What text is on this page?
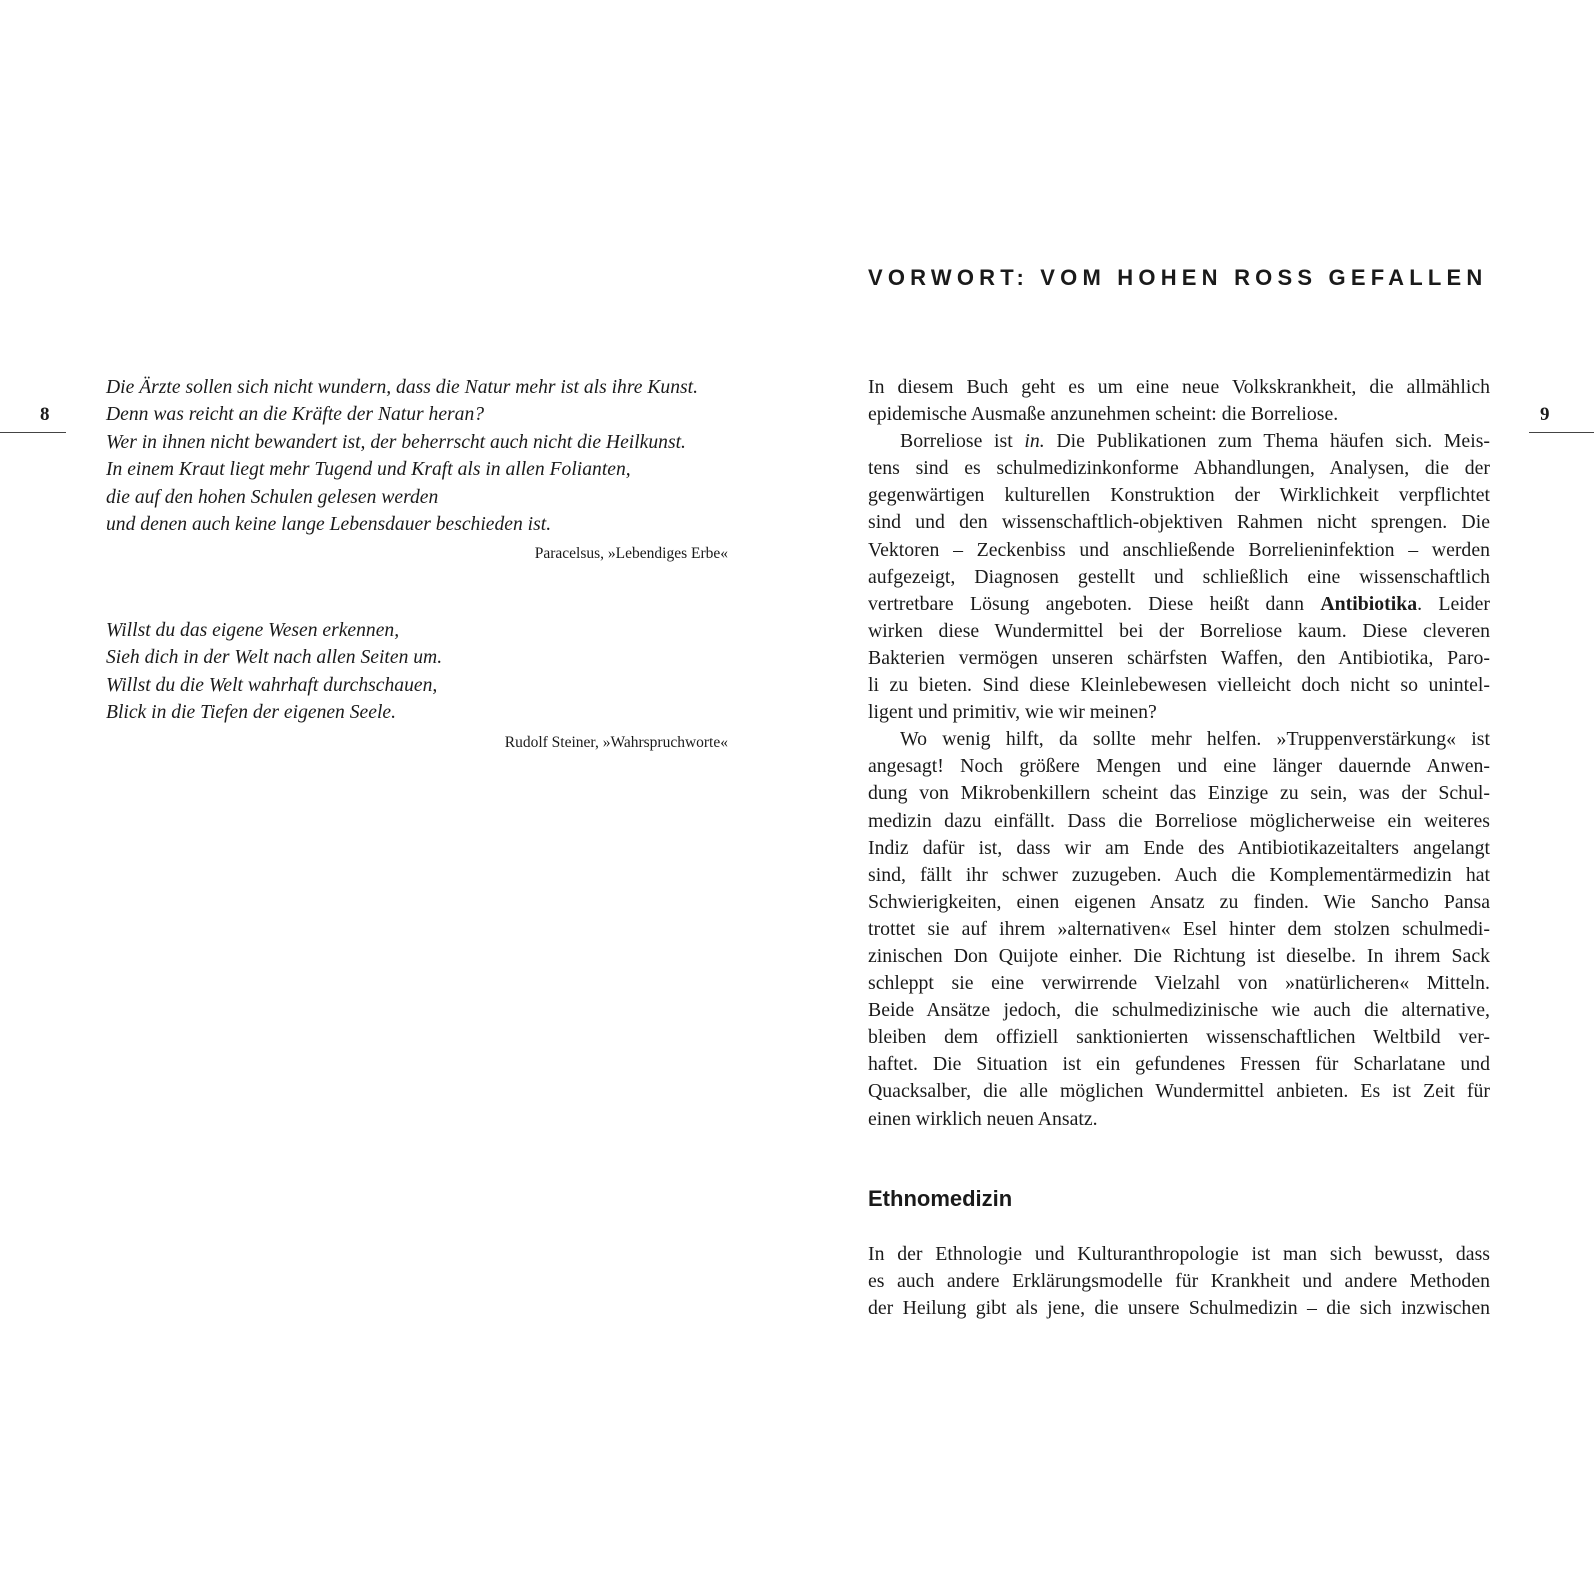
8
Die Ärzte sollen sich nicht wundern, dass die Natur mehr ist als ihre Kunst.
Denn was reicht an die Kräfte der Natur heran?
Wer in ihnen nicht bewandert ist, der beherrscht auch nicht die Heilkunst.
In einem Kraut liegt mehr Tugend und Kraft als in allen Folianten,
die auf den hohen Schulen gelesen werden
und denen auch keine lange Lebensdauer beschieden ist.
Paracelsus, »Lebendiges Erbe«
Willst du das eigene Wesen erkennen,
Sieh dich in der Welt nach allen Seiten um.
Willst du die Welt wahrhaft durchschauen,
Blick in die Tiefen der eigenen Seele.
Rudolf Steiner, »Wahrspruchworte«
VORWORT: VOM HOHEN ROSS GEFALLEN
9
In diesem Buch geht es um eine neue Volkskrankheit, die allmählich
epidemische Ausmaße anzunehmen scheint: die Borreliose.
Borreliose ist in. Die Publikationen zum Thema häufen sich. Meis-
tens sind es schulmedizinkonforme Abhandlungen, Analysen, die der
gegenwärtigen kulturellen Konstruktion der Wirklichkeit verpflichtet
sind und den wissenschaftlich-objektiven Rahmen nicht sprengen. Die
Vektoren – Zeckenbiss und anschließende Borrelieninfektion – werden
aufgezeigt, Diagnosen gestellt und schließlich eine wissenschaftlich
vertretbare Lösung angeboten. Diese heißt dann Antibiotika. Leider
wirken diese Wundermittel bei der Borreliose kaum. Diese cleveren
Bakterien vermögen unseren schärfsten Waffen, den Antibiotika, Paro-
li zu bieten. Sind diese Kleinlebewesen vielleicht doch nicht so unintel-
ligent und primitiv, wie wir meinen?
Wo wenig hilft, da sollte mehr helfen. »Truppenverstärkung« ist
angesagt! Noch größere Mengen und eine länger dauernde Anwen-
dung von Mikrobenkillern scheint das Einzige zu sein, was der Schul-
medizin dazu einfällt. Dass die Borreliose möglicherweise ein weiteres
Indiz dafür ist, dass wir am Ende des Antibiotikazeitalters angelangt
sind, fällt ihr schwer zuzugeben. Auch die Komplementärmedizin hat
Schwierigkeiten, einen eigenen Ansatz zu finden. Wie Sancho Pansa
trottet sie auf ihrem »alternativen« Esel hinter dem stolzen schulmedi-
zinischen Don Quijote einher. Die Richtung ist dieselbe. In ihrem Sack
schleppt sie eine verwirrende Vielzahl von »natürlicheren« Mitteln.
Beide Ansätze jedoch, die schulmedizinische wie auch die alternative,
bleiben dem offiziell sanktionierten wissenschaftlichen Weltbild ver-
haftet. Die Situation ist ein gefundenes Fressen für Scharlatane und
Quacksalber, die alle möglichen Wundermittel anbieten. Es ist Zeit für
einen wirklich neuen Ansatz.
Ethnomedizin
In der Ethnologie und Kulturanthropologie ist man sich bewusst, dass
es auch andere Erklärungsmodelle für Krankheit und andere Methoden
der Heilung gibt als jene, die unsere Schulmedizin – die sich inzwischen
